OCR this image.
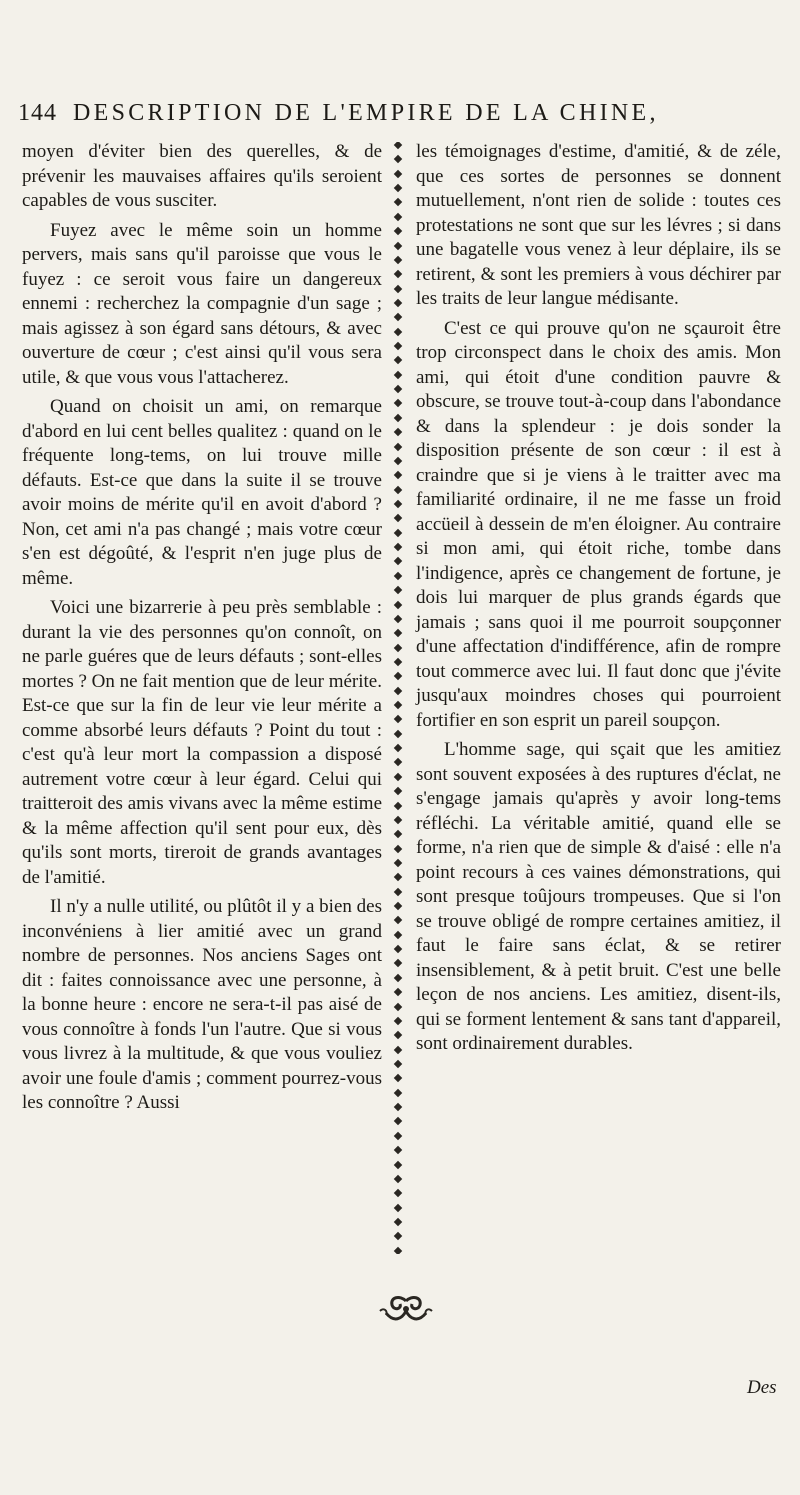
144 DESCRIPTION DE L'EMPIRE DE LA CHINE,

moyen d'éviter bien des querelles, & de prévenir les mauvaises affaires qu'ils seroient capables de vous susciter.

Fuyez avec le même soin un homme pervers, mais sans qu'il paroisse que vous le fuyez : ce seroit vous faire un dangereux ennemi : recherchez la compagnie d'un sage ; mais agissez à son égard sans détours, & avec ouverture de cœur ; c'est ainsi qu'il vous sera utile, & que vous vous l'attacherez.

Quand on choisit un ami, on remarque d'abord en lui cent belles qualitez : quand on le fréquente long-tems, on lui trouve mille défauts. Est-ce que dans la suite il se trouve avoir moins de mérite qu'il en avoit d'abord ? Non, cet ami n'a pas changé ; mais votre cœur s'en est dégoûté, & l'esprit n'en juge plus de même.

Voici une bizarrerie à peu près semblable : durant la vie des personnes qu'on connoît, on ne parle guéres que de leurs défauts ; sont-elles mortes ? On ne fait mention que de leur mérite. Est-ce que sur la fin de leur vie leur mérite a comme absorbé leurs défauts ? Point du tout : c'est qu'à leur mort la compassion a disposé autrement votre cœur à leur égard. Celui qui traitteroit des amis vivans avec la même estime & la même affection qu'il sent pour eux, dès qu'ils sont morts, tireroit de grands avantages de l'amitié.

Il n'y a nulle utilité, ou plûtôt il y a bien des inconvéniens à lier amitié avec un grand nombre de personnes. Nos anciens Sages ont dit : faites connoissance avec une personne, à la bonne heure : encore ne sera-t-il pas aisé de vous connoître à fonds l'un l'autre. Que si vous vous livrez à la multitude, & que vous vouliez avoir une foule d'amis ; comment pourrez-vous les connoître ? Aussi

les témoignages d'estime, d'amitié, & de zéle, que ces sortes de personnes se donnent mutuellement, n'ont rien de solide : toutes ces protestations ne sont que sur les lévres ; si dans une bagatelle vous venez à leur déplaire, ils se retirent, & sont les premiers à vous déchirer par les traits de leur langue médisante.

C'est ce qui prouve qu'on ne sçauroit être trop circonspect dans le choix des amis. Mon ami, qui étoit d'une condition pauvre & obscure, se trouve tout-à-coup dans l'abondance & dans la splendeur : je dois sonder la disposition présente de son cœur : il est à craindre que si je viens à le traitter avec ma familiarité ordinaire, il ne me fasse un froid accüeil à dessein de m'en éloigner. Au contraire si mon ami, qui étoit riche, tombe dans l'indigence, après ce changement de fortune, je dois lui marquer de plus grands égards que jamais ; sans quoi il me pourroit soupçonner d'une affectation d'indifférence, afin de rompre tout commerce avec lui. Il faut donc que j'évite jusqu'aux moindres choses qui pourroient fortifier en son esprit un pareil soupçon.

L'homme sage, qui sçait que les amitiez sont souvent exposées à des ruptures d'éclat, ne s'engage jamais qu'après y avoir long-tems réfléchi. La véritable amitié, quand elle se forme, n'a rien que de simple & d'aisé : elle n'a point recours à ces vaines démonstrations, qui sont presque toûjours trompeuses. Que si l'on se trouve obligé de rompre certaines amitiez, il faut le faire sans éclat, & se retirer insensiblement, & à petit bruit. C'est une belle leçon de nos anciens. Les amitiez, disent-ils, qui se forment lentement & sans tant d'appareil, sont ordinairement durables.

Des
